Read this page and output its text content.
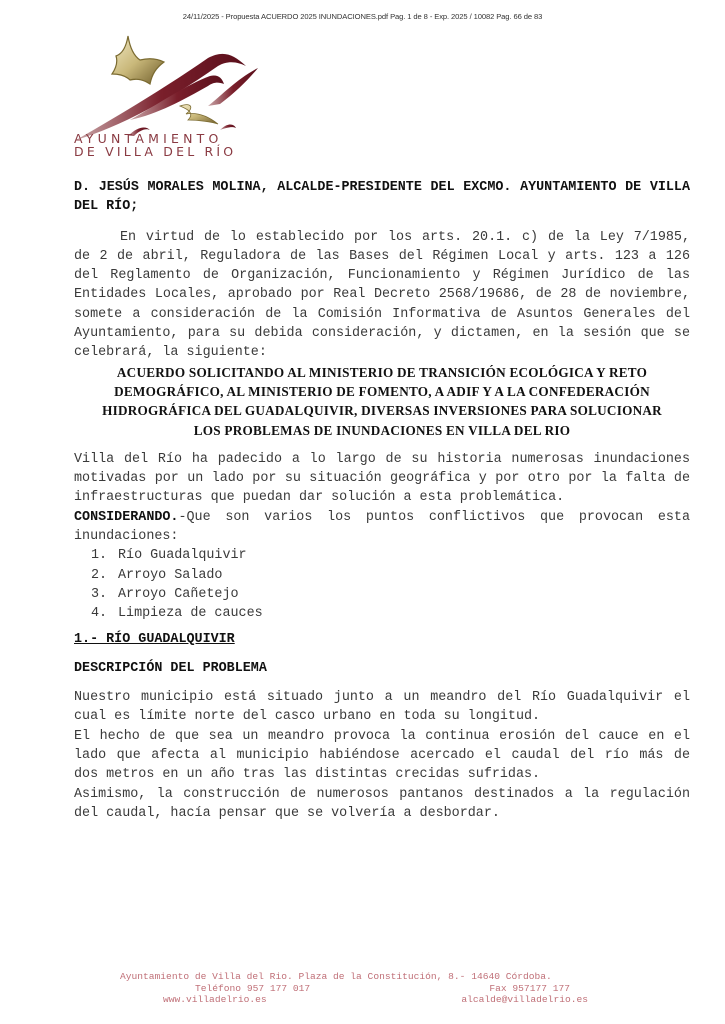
24/11/2025 - Propuesta ACUERDO 2025 INUNDACIONES.pdf Pag. 1 de 8 - Exp. 2025 / 10082 Pag. 66 de 83
AYUNTAMIENTO
DE VILLA DEL RÍO

D. JESÚS MORALES MOLINA, ALCALDE-PRESIDENTE DEL EXCMO. AYUNTAMIENTO DE VILLA DEL RÍO;

En virtud de lo establecido por los arts. 20.1. c) de la Ley 7/1985, de 2 de abril, Reguladora de las Bases del Régimen Local y arts. 123 a 126 del Reglamento de Organización, Funcionamiento y Régimen Jurídico de las Entidades Locales, aprobado por Real Decreto 2568/19686, de 28 de noviembre, somete a consideración de la Comisión Informativa de Asuntos Generales del Ayuntamiento, para su debida consideración, y dictamen, en la sesión que se celebrará, la siguiente:

ACUERDO SOLICITANDO AL MINISTERIO DE TRANSICIÓN ECOLÓGICA Y RETO
DEMOGRÁFICO, AL MINISTERIO DE FOMENTO, A ADIF Y A LA CONFEDERACIÓN
HIDROGRÁFICA DEL GUADALQUIVIR, DIVERSAS INVERSIONES PARA SOLUCIONAR
LOS PROBLEMAS DE INUNDACIONES EN VILLA DEL RIO

Villa del Río ha padecido a lo largo de su historia numerosas inundaciones motivadas por un lado por su situación geográfica y por otro por la falta de infraestructuras que puedan dar solución a esta problemática.

CONSIDERANDO.-Que son varios los puntos conflictivos que provocan esta inundaciones:

1. Río Guadalquivir
2. Arroyo Salado
3. Arroyo Cañetejo
4. Limpieza de cauces
1.- RÍO GUADALQUIVIR
DESCRIPCIÓN DEL PROBLEMA

Nuestro municipio está situado junto a un meandro del Río Guadalquivir el cual es límite norte del casco urbano en toda su longitud.

El hecho de que sea un meandro provoca la continua erosión del cauce en el lado que afecta al municipio habiéndose acercado el caudal del río más de dos metros en un año tras las distintas crecidas sufridas.

Asimismo, la construcción de numerosos pantanos destinados a la regulación del caudal, hacía pensar que se volvería a desbordar.

Ayuntamiento de Villa del Rio. Plaza de la Constitución, 8.- 14640 Córdoba.
Teléfono 957 177 017	Fax 957177 177
www.villadelrio.es	alcalde@villadelrio.es
